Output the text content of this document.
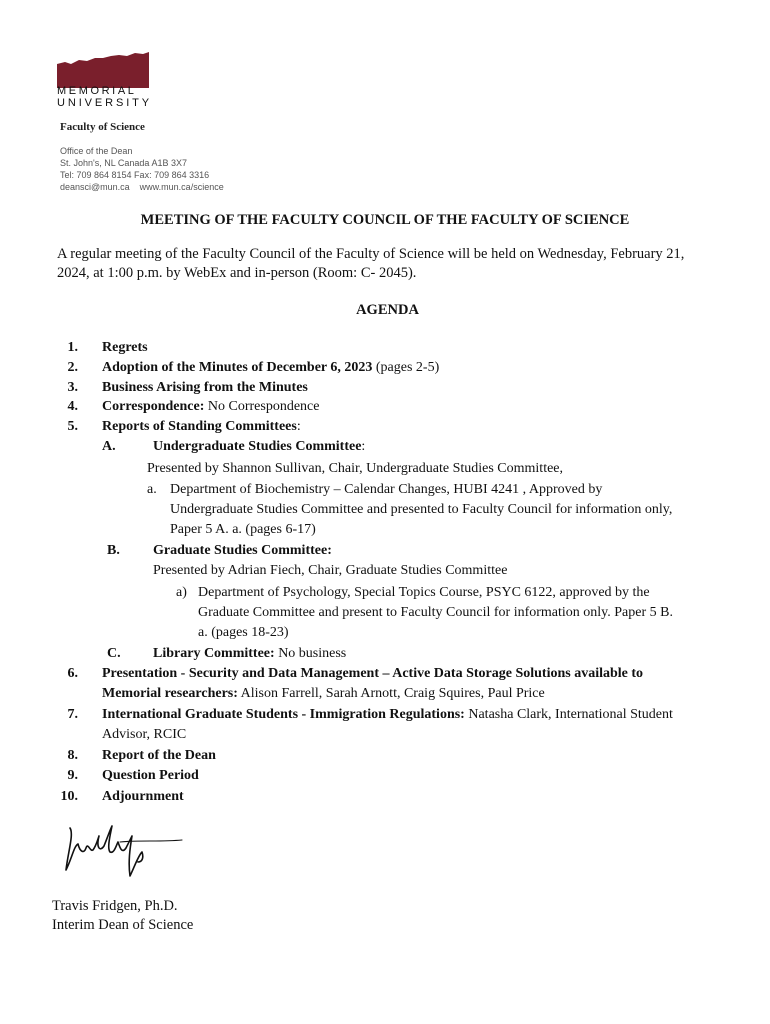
MEMORIAL
UNIVERSITY
Faculty of Science
Office of the Dean
St. John's, NL Canada A1B 3X7
Tel: 709 864 8154 Fax: 709 864 3316
deansci@mun.ca www.mun.ca/science
MEETING OF THE FACULTY COUNCIL OF THE FACULTY OF SCIENCE
A regular meeting of the Faculty Council of the Faculty of Science will be held on Wednesday, February 21,
2024, at 1:00 p.m. by WebEx and in-person (Room: C- 2045).
AGENDA
1. Regrets
2. Adoption of the Minutes of December 6, 2023 (pages 2-5)
3. Business Arising from the Minutes
4. Correspondence: No Correspondence
5. Reports of Standing Committees:
A.	Undergraduate Studies Committee:
Presented by Shannon Sullivan, Chair, Undergraduate Studies Committee,
a. Department of Biochemistry – Calendar Changes, HUBI 4241 , Approved by
Undergraduate Studies Committee and presented to Faculty Council for information only,
Paper 5 A. a. (pages 6-17)
B. Graduate Studies Committee:
Presented by Adrian Fiech, Chair, Graduate Studies Committee
a) Department of Psychology, Special Topics Course, PSYC 6122, approved by the
Graduate Committee and present to Faculty Council for information only. Paper 5 B.
a. (pages 18-23)
C. Library Committee: No business
6. Presentation - Security and Data Management – Active Data Storage Solutions available to
Memorial researchers: Alison Farrell, Sarah Arnott, Craig Squires, Paul Price
7. International Graduate Students - Immigration Regulations: Natasha Clark, International Student
Advisor, RCIC
8. Report of the Dean
9. Question Period
10. Adjournment
Travis Fridgen, Ph.D.
Interim Dean of Science
